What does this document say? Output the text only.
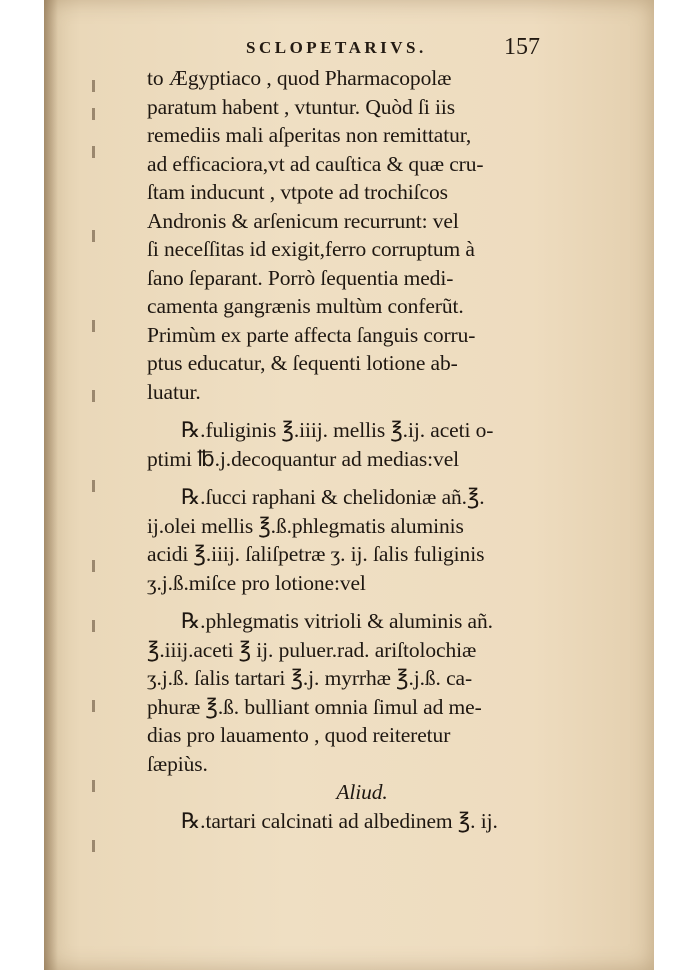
SCLOPETARIVS.	157
to Ægyptiaco , quod Pharmacopolæ
paratum habent , vtuntur. Quòd ſi iis
remediis mali aſperitas non remittatur,
ad efficaciora,vt ad cauſtica & quæ cru-
ſtam inducunt , vtpote ad trochiſcos
Andronis & arſenicum recurrunt: vel
ſi neceſſitas id exigit,ferro corruptum à
ſano ſeparant. Porrò ſequentia medi-
camenta gangrænis multùm conferũt.
Primùm ex parte affecta ſanguis corru-
ptus educatur, & ſequenti lotione ab-
luatur.
℞.fuliginis ℥.iiij. mellis ℥.ij. aceti o-
ptimi ℔.j.decoquantur ad medias:vel
℞.ſucci raphani & chelidoniæ añ.℥.
ij.olei mellis ℥.ß.phlegmatis aluminis
acidi ℥.iiij. ſaliſpetræ ʒ. ij. ſalis fuliginis
ʒ.j.ß.miſce pro lotione:vel
℞.phlegmatis vitrioli & aluminis añ.
℥.iiij.aceti ℥ ij. puluer.rad. ariſtolochiæ
ʒ.j.ß. ſalis tartari ℥.j. myrrhæ ℥.j.ß. ca-
phuræ ℥.ß. bulliant omnia ſimul ad me-
dias pro lauamento , quod reiteretur
ſæpiùs.
Aliud.
℞.tartari calcinati ad albedinem ℥. ij.
